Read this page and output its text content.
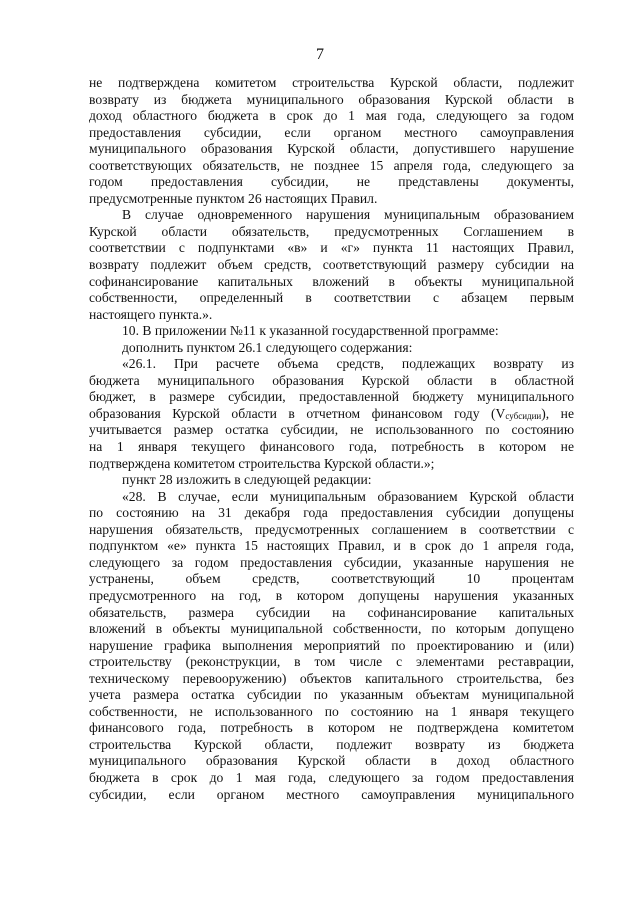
7
не подтверждена комитетом строительства Курской области, подлежит
возврату из бюджета муниципального образования Курской области в
доход областного бюджета в срок до 1 мая года, следующего за годом
предоставления субсидии, если органом местного самоуправления
муниципального образования Курской области, допустившего нарушение
соответствующих обязательств, не позднее 15 апреля года, следующего за
годом предоставления субсидии, не представлены документы,
предусмотренные пунктом 26 настоящих Правил.
В случае одновременного нарушения муниципальным образованием
Курской области обязательств, предусмотренных Соглашением в
соответствии с подпунктами «в» и «г» пункта 11 настоящих Правил,
возврату подлежит объем средств, соответствующий размеру субсидии на
софинансирование капитальных вложений в объекты муниципальной
собственности, определенный в соответствии с абзацем первым
настоящего пункта.».
10. В приложении №11 к указанной государственной программе:
дополнить пунктом 26.1 следующего содержания:
«26.1. При расчете объема средств, подлежащих возврату из
бюджета муниципального образования Курской области в областной
бюджет, в размере субсидии, предоставленной бюджету муниципального
образования Курской области в отчетном финансовом году (Vсубсидии), не
учитывается размер остатка субсидии, не использованного по состоянию
на 1 января текущего финансового года, потребность в котором не
подтверждена комитетом строительства Курской области.»;
пункт 28 изложить в следующей редакции:
«28. В случае, если муниципальным образованием Курской области
по состоянию на 31 декабря года предоставления субсидии допущены
нарушения обязательств, предусмотренных соглашением в соответствии с
подпунктом «е» пункта 15 настоящих Правил, и в срок до 1 апреля года,
следующего за годом предоставления субсидии, указанные нарушения не
устранены, объем средств, соответствующий 10 процентам
предусмотренного на год, в котором допущены нарушения указанных
обязательств, размера субсидии на софинансирование капитальных
вложений в объекты муниципальной собственности, по которым допущено
нарушение графика выполнения мероприятий по проектированию и (или)
строительству (реконструкции, в том числе с элементами реставрации,
техническому перевооружению) объектов капитального строительства, без
учета размера остатка субсидии по указанным объектам муниципальной
собственности, не использованного по состоянию на 1 января текущего
финансового года, потребность в котором не подтверждена комитетом
строительства Курской области, подлежит возврату из бюджета
муниципального образования Курской области в доход областного
бюджета в срок до 1 мая года, следующего за годом предоставления
субсидии, если органом местного самоуправления муниципального
